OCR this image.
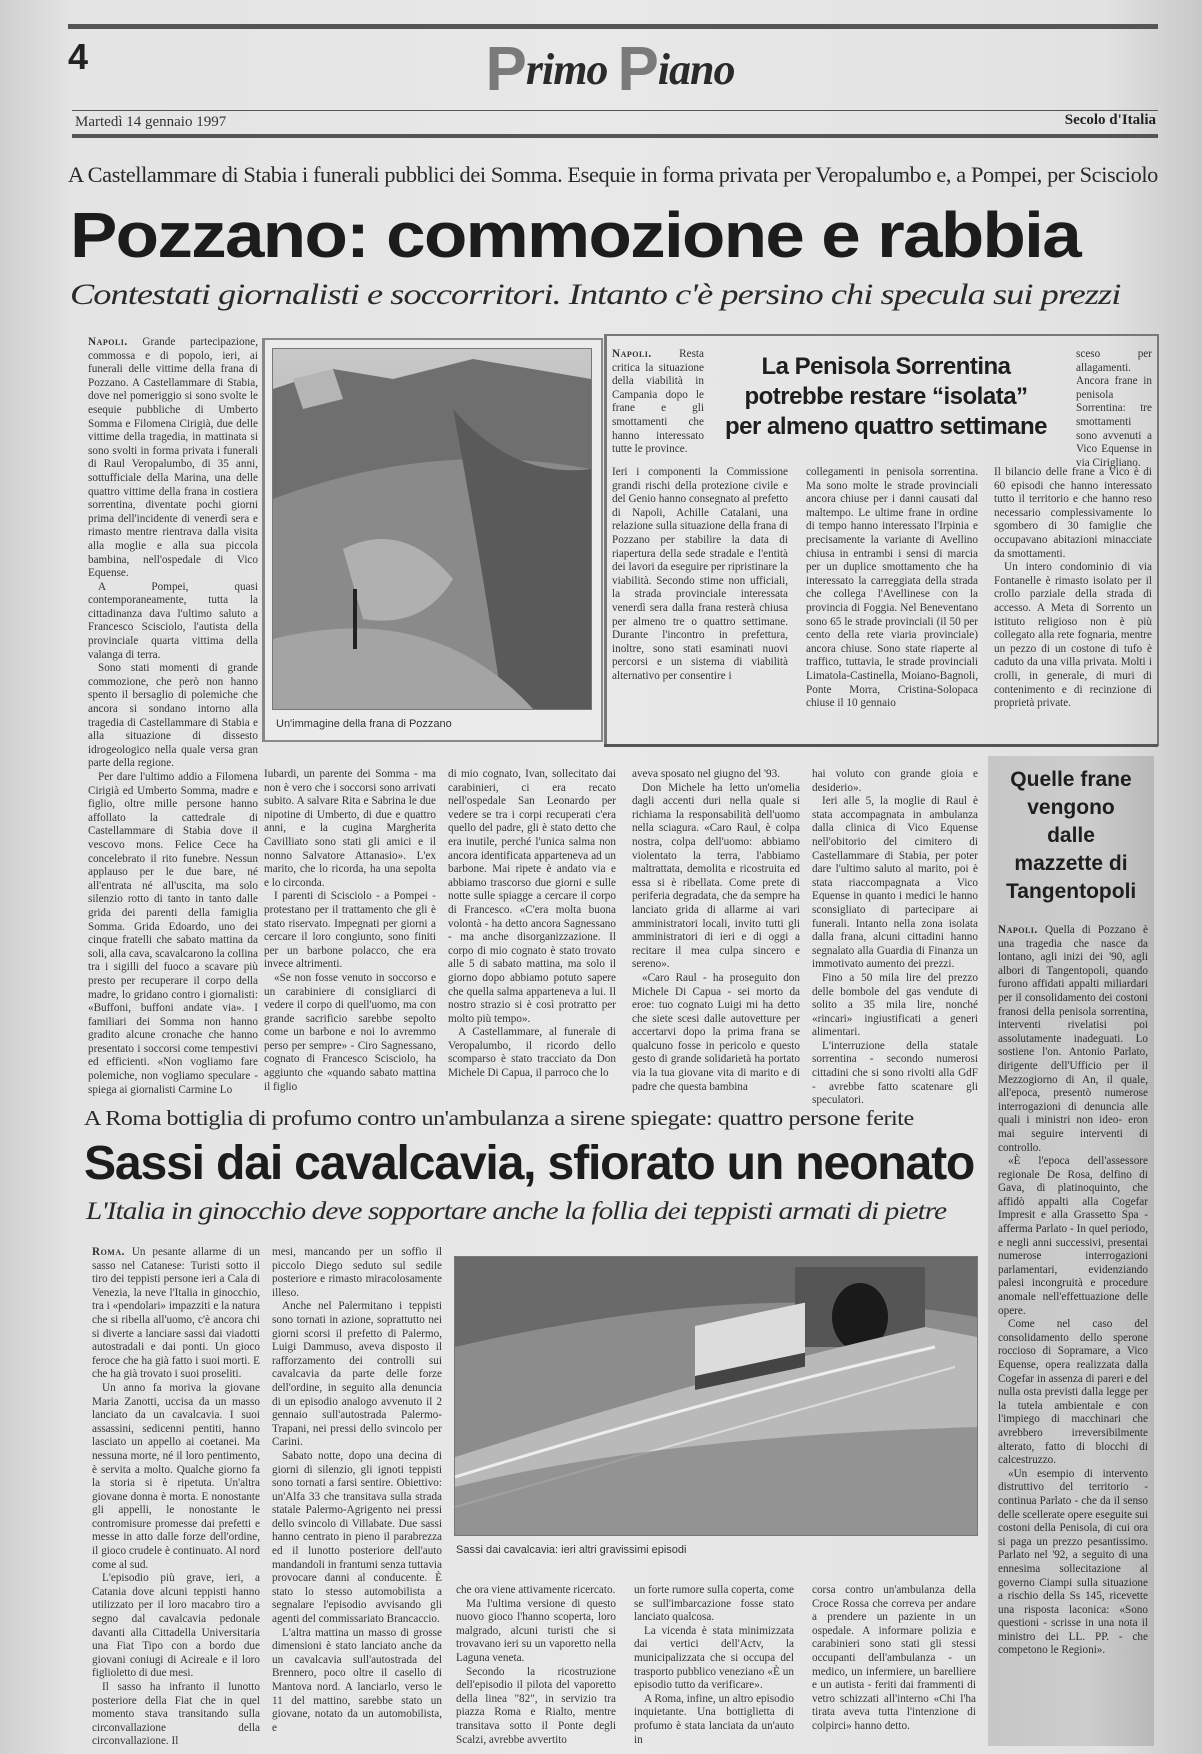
4	Primo Piano
Martedì 14 gennaio 1997	Secolo d'Italia
A Castellammare di Stabia i funerali pubblici dei Somma. Esequie in forma privata per Veropalumbo e, a Pompei, per Scisciolo
Pozzano: commozione e rabbia
Contestati giornalisti e soccorritori. Intanto c'è persino chi specula sui prezzi

Napoli. Grande partecipazione, commossa e di popolo, ieri, ai funerali delle vittime della frana di Pozzano. A Castellammare di Stabia, dove nel pomeriggio si sono svolte le esequie pubbliche di Umberto Somma e Filomena Cirigià, due delle vittime della tragedia, in mattinata si sono svolti in forma privata i funerali di Raul Veropalumbo, di 35 anni, sottufficiale della Marina, una delle quattro vittime della frana in costiera sorrentina, diventate pochi giorni prima dell'incidente di venerdì sera e rimasto mentre rientrava dalla visita alla moglie e alla sua piccola bambina, nell'ospedale di Vico Equense.

A Pompei, quasi contemporaneamente, tutta la cittadinanza dava l'ultimo saluto a Francesco Scisciolo, l'autista della provinciale quarta vittima della valanga di terra.

Sono stati momenti di grande commozione, che però non hanno spento il bersaglio di polemiche che ancora si sondano intorno alla tragedia di Castellammare di Stabia e alla situazione di dissesto idrogeologico nella quale versa gran parte della regione.

Per dare l'ultimo addio a Filomena Cirigià ed Umberto Somma, madre e figlio, oltre mille persone hanno affollato la cattedrale di Castellammare di Stabia dove il vescovo mons. Felice Cece ha concelebrato il rito funebre. Nessun applauso per le due bare, né all'entrata né all'uscita, ma solo silenzio rotto di tanto in tanto dalle grida dei parenti della famiglia Somma. Grida Edoardo, uno dei cinque fratelli che sabato mattina da soli, alla cava, scavalcarono la collina tra i sigilli del fuoco a scavare più presto per recuperare il corpo della madre, lo gridano contro i giornalisti: «Buffoni, buffoni andate via». I familiari dei Somma non hanno gradito alcune cronache che hanno presentato i soccorsi come tempestivi ed efficienti. «Non vogliamo fare polemiche, non vogliamo speculare - spiega ai giornalisti Carmine Lo

Un'immagine della frana di Pozzano
La Penisola Sorrentina
potrebbe restare “isolata”
per almeno quattro settimane

Napoli. Resta critica la situazione della viabilità in Campania dopo le frane e gli smottamenti che hanno interessato tutte le province.

Ieri i componenti la Commissione grandi rischi della protezione civile e del Genio hanno consegnato al prefetto di Napoli, Achille Catalani, una relazione sulla situazione della frana di Pozzano per stabilire la data di riapertura della sede stradale e l'entità dei lavori da eseguire per ripristinare la viabilità. Secondo stime non ufficiali, la strada provinciale interessata venerdì sera dalla frana resterà chiusa per almeno tre o quattro settimane. Durante l'incontro in prefettura, inoltre, sono stati esaminati nuovi percorsi e un sistema di viabilità alternativo per consentire i

collegamenti in penisola sorrentina. Ma sono molte le strade provinciali ancora chiuse per i danni causati dal maltempo. Le ultime frane in ordine di tempo hanno interessato l'Irpinia e precisamente la variante di Avellino chiusa in entrambi i sensi di marcia per un duplice smottamento che ha interessato la carreggiata della strada che collega l'Avellinese con la provincia di Foggia. Nel Beneventano sono 65 le strade provinciali (il 50 per cento della rete viaria provinciale) ancora chiuse. Sono state riaperte al traffico, tuttavia, le strade provinciali Limatola-Castinella, Moiano-Bagnoli, Ponte Morra, Cristina-Solopaca chiuse il 10 gennaio

sceso per allagamenti. Ancora frane in penisola Sorrentina: tre smottamenti sono avvenuti a Vico Equense in via Cirigliano.

Il bilancio delle frane a Vico è di 60 episodi che hanno interessato tutto il territorio e che hanno reso necessario complessivamente lo sgombero di 30 famiglie che occupavano abitazioni minacciate da smottamenti.

Un intero condominio di via Fontanelle è rimasto isolato per il crollo parziale della strada di accesso. A Meta di Sorrento un istituto religioso non è più collegato alla rete fognaria, mentre un pezzo di un costone di tufo è caduto da una villa privata. Molti i crolli, in generale, di muri di contenimento e di recinzione di proprietà private.

Iubardi, un parente dei Somma - ma non è vero che i soccorsi sono arrivati subito. A salvare Rita e Sabrina le due nipotine di Umberto, di due e quattro anni, e la cugina Margherita Cavilliato sono stati gli amici e il nonno Salvatore Attanasio». L'ex marito, che lo ricorda, ha una sepolta e lo circonda.

I parenti di Scisciolo - a Pompei - protestano per il trattamento che gli è stato riservato. Impegnati per giorni a cercare il loro congiunto, sono finiti per un barbone polacco, che era invece altrimenti.

«Se non fosse venuto in soccorso e un carabiniere di consigliarci di vedere il corpo di quell'uomo, ma con grande sacrificio sarebbe sepolto come un barbone e noi lo avremmo perso per sempre» - Ciro Sagnessano, cognato di Francesco Scisciolo, ha aggiunto che «quando sabato mattina il figlio

di mio cognato, Ivan, sollecitato dai carabinieri, ci era recato nell'ospedale San Leonardo per vedere se tra i corpi recuperati c'era quello del padre, gli è stato detto che era inutile, perché l'unica salma non ancora identificata apparteneva ad un barbone. Mai ripete è andato via e abbiamo trascorso due giorni e sulle notte sulle spiagge a cercare il corpo di Francesco. «C'era molta buona volontà - ha detto ancora Sagnessano - ma anche disorganizzazione. Il corpo di mio cognato è stato trovato alle 5 di sabato mattina, ma solo il giorno dopo abbiamo potuto sapere che quella salma apparteneva a lui. Il nostro strazio si è così protratto per molto più tempo».

A Castellammare, al funerale di Veropalumbo, il ricordo dello scomparso è stato tracciato da Don Michele Di Capua, il parroco che lo

aveva sposato nel giugno del '93.

Don Michele ha letto un'omelia dagli accenti duri nella quale si richiama la responsabilità dell'uomo nella sciagura. «Caro Raul, è colpa nostra, colpa dell'uomo: abbiamo violentato la terra, l'abbiamo maltrattata, demolita e ricostruita ed essa si è ribellata. Come prete di periferia degradata, che da sempre ha lanciato grida di allarme ai vari amministratori locali, invito tutti gli amministratori di ieri e di oggi a recitare il mea culpa sincero e sereno».

«Caro Raul - ha proseguito don Michele Di Capua - sei morto da eroe: tuo cognato Luigi mi ha detto che siete scesi dalle autovetture per accertarvi dopo la prima frana se qualcuno fosse in pericolo e questo gesto di grande solidarietà ha portato via la tua giovane vita di marito e di padre che questa bambina

hai voluto con grande gioia e desiderio».

Ieri alle 5, la moglie di Raul è stata accompagnata in ambulanza dalla clinica di Vico Equense nell'obitorio del cimitero di Castellammare di Stabia, per poter dare l'ultimo saluto al marito, poi è stata riaccompagnata a Vico Equense in quanto i medici le hanno sconsigliato di partecipare ai funerali. Intanto nella zona isolata dalla frana, alcuni cittadini hanno segnalato alla Guardia di Finanza un immotivato aumento dei prezzi.

Fino a 50 mila lire del prezzo delle bombole del gas vendute di solito a 35 mila lire, nonché «rincari» ingiustificati a generi alimentari.

L'interruzione della statale sorrentina - secondo numerosi cittadini che si sono rivolti alla GdF - avrebbe fatto scatenare gli speculatori.

Quelle frane vengono dalle mazzette di Tangentopoli

Napoli. Quella di Pozzano è una tragedia che nasce da lontano, agli inizi dei '90, agli albori di Tangentopoli, quando furono affidati appalti miliardari per il consolidamento dei costoni franosi della penisola sorrentina, interventi rivelatisi poi assolutamente inadeguati. Lo sostiene l'on. Antonio Parlato, dirigente dell'Ufficio per il Mezzogiorno di An, il quale, all'epoca, presentò numerose interrogazioni di denuncia alle quali i ministri non ideo- eron mai seguire interventi di controllo.

«È l'epoca dell'assessore regionale De Rosa, delfino di Gava, di platinoquinto, che affidò appalti alla Cogefar Impresit e alla Grassetto Spa - afferma Parlato - In quel periodo, e negli anni successivi, presentai numerose interrogazioni parlamentari, evidenziando palesi incongruità e procedure anomale nell'effettuazione delle opere.

Come nel caso del consolidamento dello sperone roccioso di Sopramare, a Vico Equense, opera realizzata dalla Cogefar in assenza di pareri e del nulla osta previsti dalla legge per la tutela ambientale e con l'impiego di macchinari che avrebbero irreversibilmente alterato, fatto di blocchi di calcestruzzo.

«Un esempio di intervento distruttivo del territorio - continua Parlato - che da il senso delle scellerate opere eseguite sui costoni della Penisola, di cui ora si paga un prezzo pesantissimo. Parlato nel '92, a seguito di una ennesima sollecitazione al governo Ciampi sulla situazione a rischio della Ss 145, ricevette una risposta laconica: «Sono questioni - scrisse in una nota il ministro dei LL. PP. - che competono le Regioni».

A Roma bottiglia di profumo contro un'ambulanza a sirene spiegate: quattro persone ferite
Sassi dai cavalcavia, sfiorato un neonato
L'Italia in ginocchio deve sopportare anche la follia dei teppisti armati di pietre

Roma. Un pesante allarme di un sasso nel Catanese: Turisti sotto il tiro dei teppisti persone ieri a Cala di Venezia, la neve l'Italia in ginocchio, tra i «pendolari» impazziti e la natura che si ribella all'uomo, c'è ancora chi si diverte a lanciare sassi dai viadotti autostradali e dai ponti. Un gioco feroce che ha già fatto i suoi morti. E che ha già trovato i suoi proseliti.

Un anno fa moriva la giovane Maria Zanotti, uccisa da un masso lanciato da un cavalcavia. I suoi assassini, sedicenni pentiti, hanno lasciato un appello ai coetanei. Ma nessuna morte, né il loro pentimento, è servita a molto. Qualche giorno fa la storia si è ripetuta. Un'altra giovane donna è morta. E nonostante gli appelli, le nonostante le contromisure promesse dai prefetti e messe in atto dalle forze dell'ordine, il gioco crudele è continuato. Al nord come al sud.

L'episodio più grave, ieri, a Catania dove alcuni teppisti hanno utilizzato per il loro macabro tiro a segno dal cavalcavia pedonale davanti alla Cittadella Universitaria una Fiat Tipo con a bordo due giovani coniugi di Acireale e il loro figlioletto di due mesi.

Il sasso ha infranto il lunotto posteriore della Fiat che in quel momento stava transitando sulla circonvallazione della circonvallazione. Il

mesi, mancando per un soffio il piccolo Diego seduto sul sedile posteriore e rimasto miracolosamente illeso.

Anche nel Palermitano i teppisti sono tornati in azione, soprattutto nei giorni scorsi il prefetto di Palermo, Luigi Dammuso, aveva disposto il rafforzamento dei controlli sui cavalcavia da parte delle forze dell'ordine, in seguito alla denuncia di un episodio analogo avvenuto il 2 gennaio sull'autostrada Palermo-Trapani, nei pressi dello svincolo per Carini.

Sabato notte, dopo una decina di giorni di silenzio, gli ignoti teppisti sono tornati a farsi sentire. Obiettivo: un'Alfa 33 che transitava sulla strada statale Palermo-Agrigento nei pressi dello svincolo di Villabate. Due sassi hanno centrato in pieno il parabrezza ed il lunotto posteriore dell'auto mandandoli in frantumi senza tuttavia provocare danni al conducente. È stato lo stesso automobilista a segnalare l'episodio avvisando gli agenti del commissariato Brancaccio.

L'altra mattina un masso di grosse dimensioni è stato lanciato anche da un cavalcavia sull'autostrada del Brennero, poco oltre il casello di Mantova nord. A lanciarlo, verso le 11 del mattino, sarebbe stato un giovane, notato da un automobilista, e

Sassi dai cavalcavia: ieri altri gravissimi episodi

che ora viene attivamente ricercato.

Ma l'ultima versione di questo nuovo gioco l'hanno scoperta, loro malgrado, alcuni turisti che si trovavano ieri su un vaporetto nella Laguna veneta.

Secondo la ricostruzione dell'episodio il pilota del vaporetto della linea "82", in servizio tra piazza Roma e Rialto, mentre transitava sotto il Ponte degli Scalzi, avrebbe avvertito

un forte rumore sulla coperta, come se sull'imbarcazione fosse stato lanciato qualcosa.

La vicenda è stata minimizzata dai vertici dell'Actv, la municipalizzata che si occupa del trasporto pubblico veneziano «È un episodio tutto da verificare».

A Roma, infine, un altro episodio inquietante. Una bottiglietta di profumo è stata lanciata da un'auto in

corsa contro un'ambulanza della Croce Rossa che correva per andare a prendere un paziente in un ospedale. A informare polizia e carabinieri sono stati gli stessi occupanti dell'ambulanza - un medico, un infermiere, un barelliere e un autista - feriti dai frammenti di vetro schizzati all'interno «Chi l'ha tirata aveva tutta l'intenzione di colpirci» hanno detto.
